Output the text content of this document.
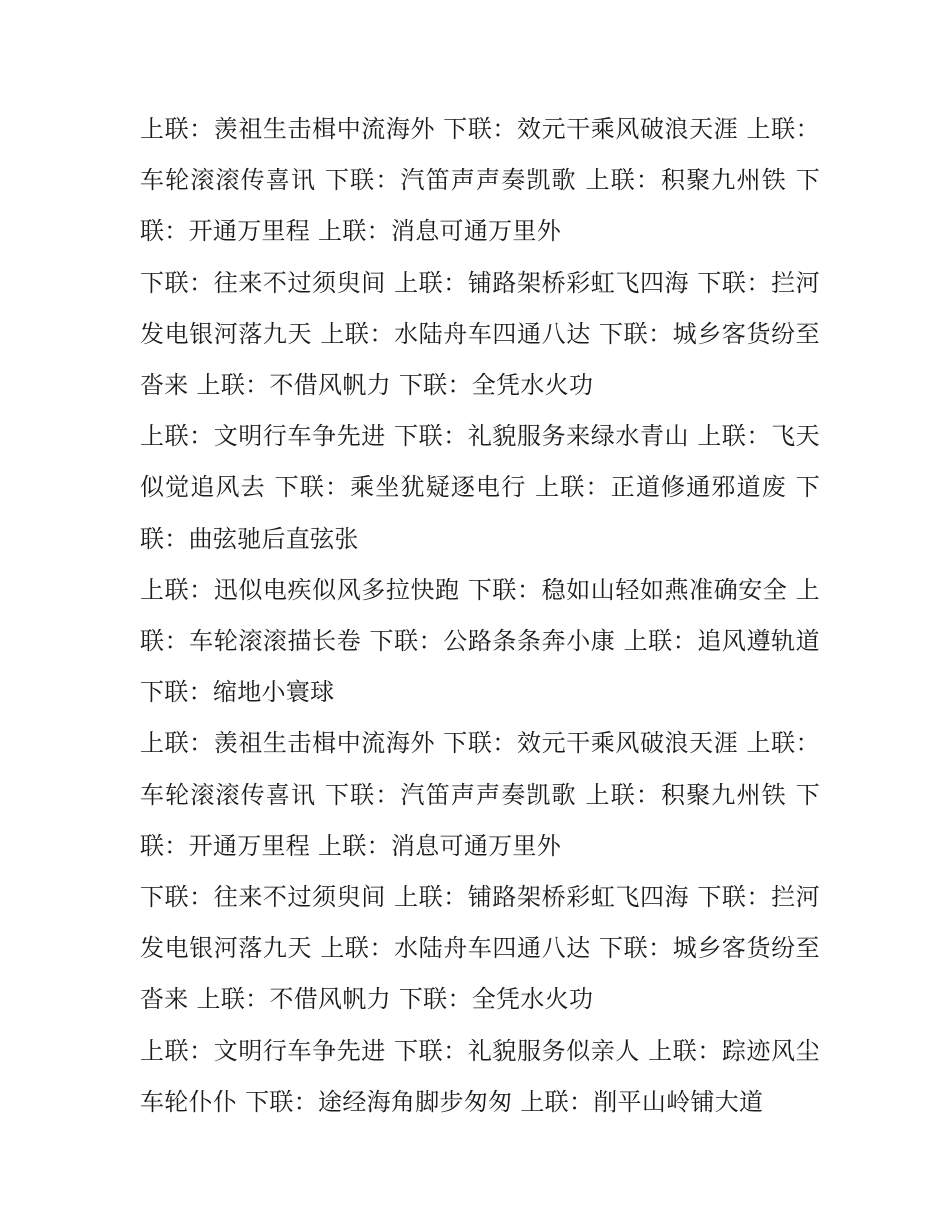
上联：羡祖生击楫中流海外 下联：效元干乘风破浪天涯 上联：车轮滚滚传喜讯 下联：汽笛声声奏凯歌 上联：积聚九州铁 下联：开通万里程 上联：消息可通万里外

下联：往来不过须臾间 上联：铺路架桥彩虹飞四海 下联：拦河发电银河落九天 上联：水陆舟车四通八达 下联：城乡客货纷至沓来 上联：不借风帆力 下联：全凭水火功

上联：文明行车争先进 下联：礼貌服务来绿水青山 上联：飞天似觉追风去 下联：乘坐犹疑逐电行 上联：正道修通邪道废 下联：曲弦驰后直弦张

上联：迅似电疾似风多拉快跑 下联：稳如山轻如燕准确安全 上联：车轮滚滚描长卷 下联：公路条条奔小康 上联：追风遵轨道 下联：缩地小寰球

上联：羡祖生击楫中流海外 下联：效元干乘风破浪天涯 上联：车轮滚滚传喜讯 下联：汽笛声声奏凯歌 上联：积聚九州铁 下联：开通万里程 上联：消息可通万里外

下联：往来不过须臾间 上联：铺路架桥彩虹飞四海 下联：拦河发电银河落九天 上联：水陆舟车四通八达 下联：城乡客货纷至沓来 上联：不借风帆力 下联：全凭水火功

上联：文明行车争先进 下联：礼貌服务似亲人 上联：踪迹风尘车轮仆仆 下联：途经海角脚步匆匆 上联：削平山岭铺大道
